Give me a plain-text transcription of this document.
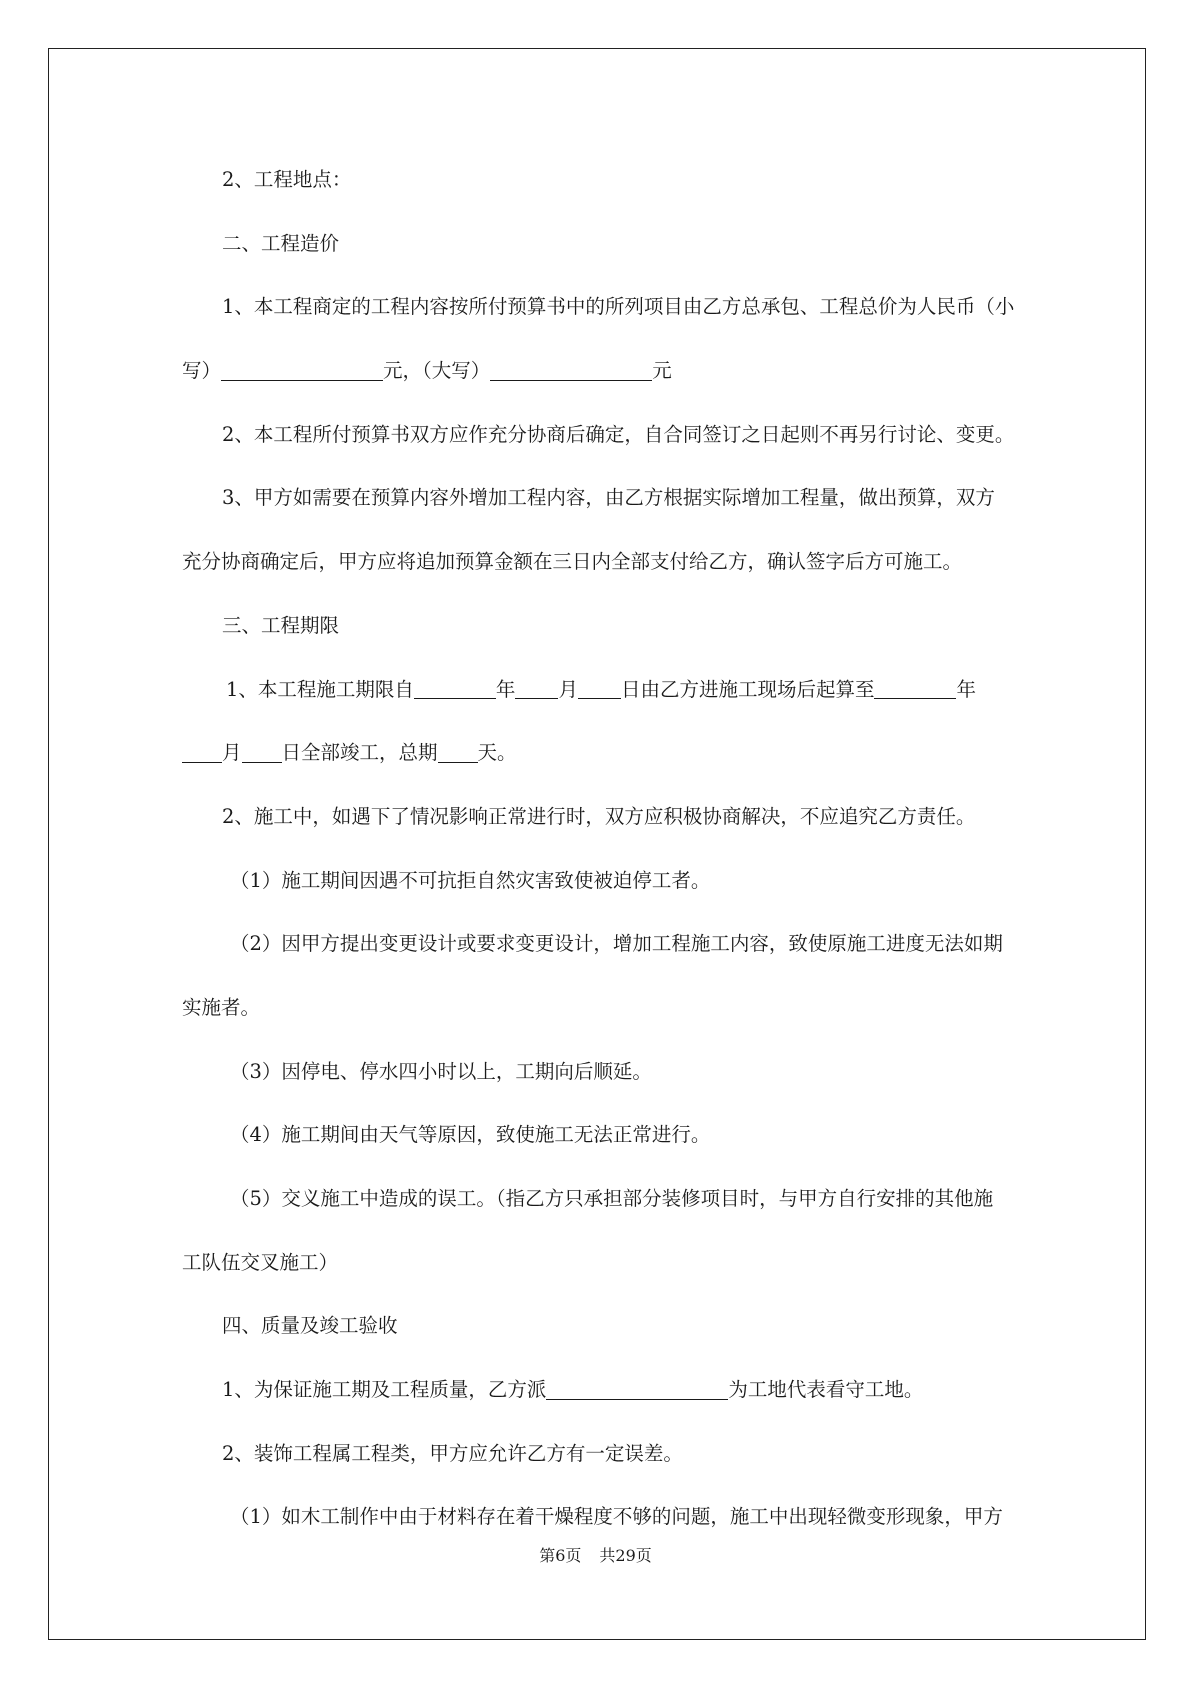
2、工程地点：
二、工程造价
1、本工程商定的工程内容按所付预算书中的所列项目由乙方总承包、工程总价为人民币（小
写）	元，（大写）	元
2、本工程所付预算书双方应作充分协商后确定，自合同签订之日起则不再另行讨论、变更。
3、甲方如需要在预算内容外增加工程内容，由乙方根据实际增加工程量，做出预算，双方
充分协商确定后，甲方应将追加预算金额在三日内全部支付给乙方，确认签字后方可施工。
三、工程期限
1、本工程施工期限自	年 月 日由乙方进施工现场后起算至	年
月 日全部竣工，总期 天。
2、施工中，如遇下了情况影响正常进行时，双方应积极协商解决，不应追究乙方责任。
（1）施工期间因遇不可抗拒自然灾害致使被迫停工者。
（2）因甲方提出变更设计或要求变更设计，增加工程施工内容，致使原施工进度无法如期
实施者。
（3）因停电、停水四小时以上，工期向后顺延。
（4）施工期间由天气等原因，致使施工无法正常进行。
（5）交义施工中造成的误工。（指乙方只承担部分装修项目时，与甲方自行安排的其他施
工队伍交叉施工）
四、质量及竣工验收
1、为保证施工期及工程质量，乙方派	为工地代表看守工地。
2、装饰工程属工程类，甲方应允许乙方有一定误差。
（1）如木工制作中由于材料存在着干燥程度不够的问题，施工中出现轻微变形现象，甲方
第6页 共29页
